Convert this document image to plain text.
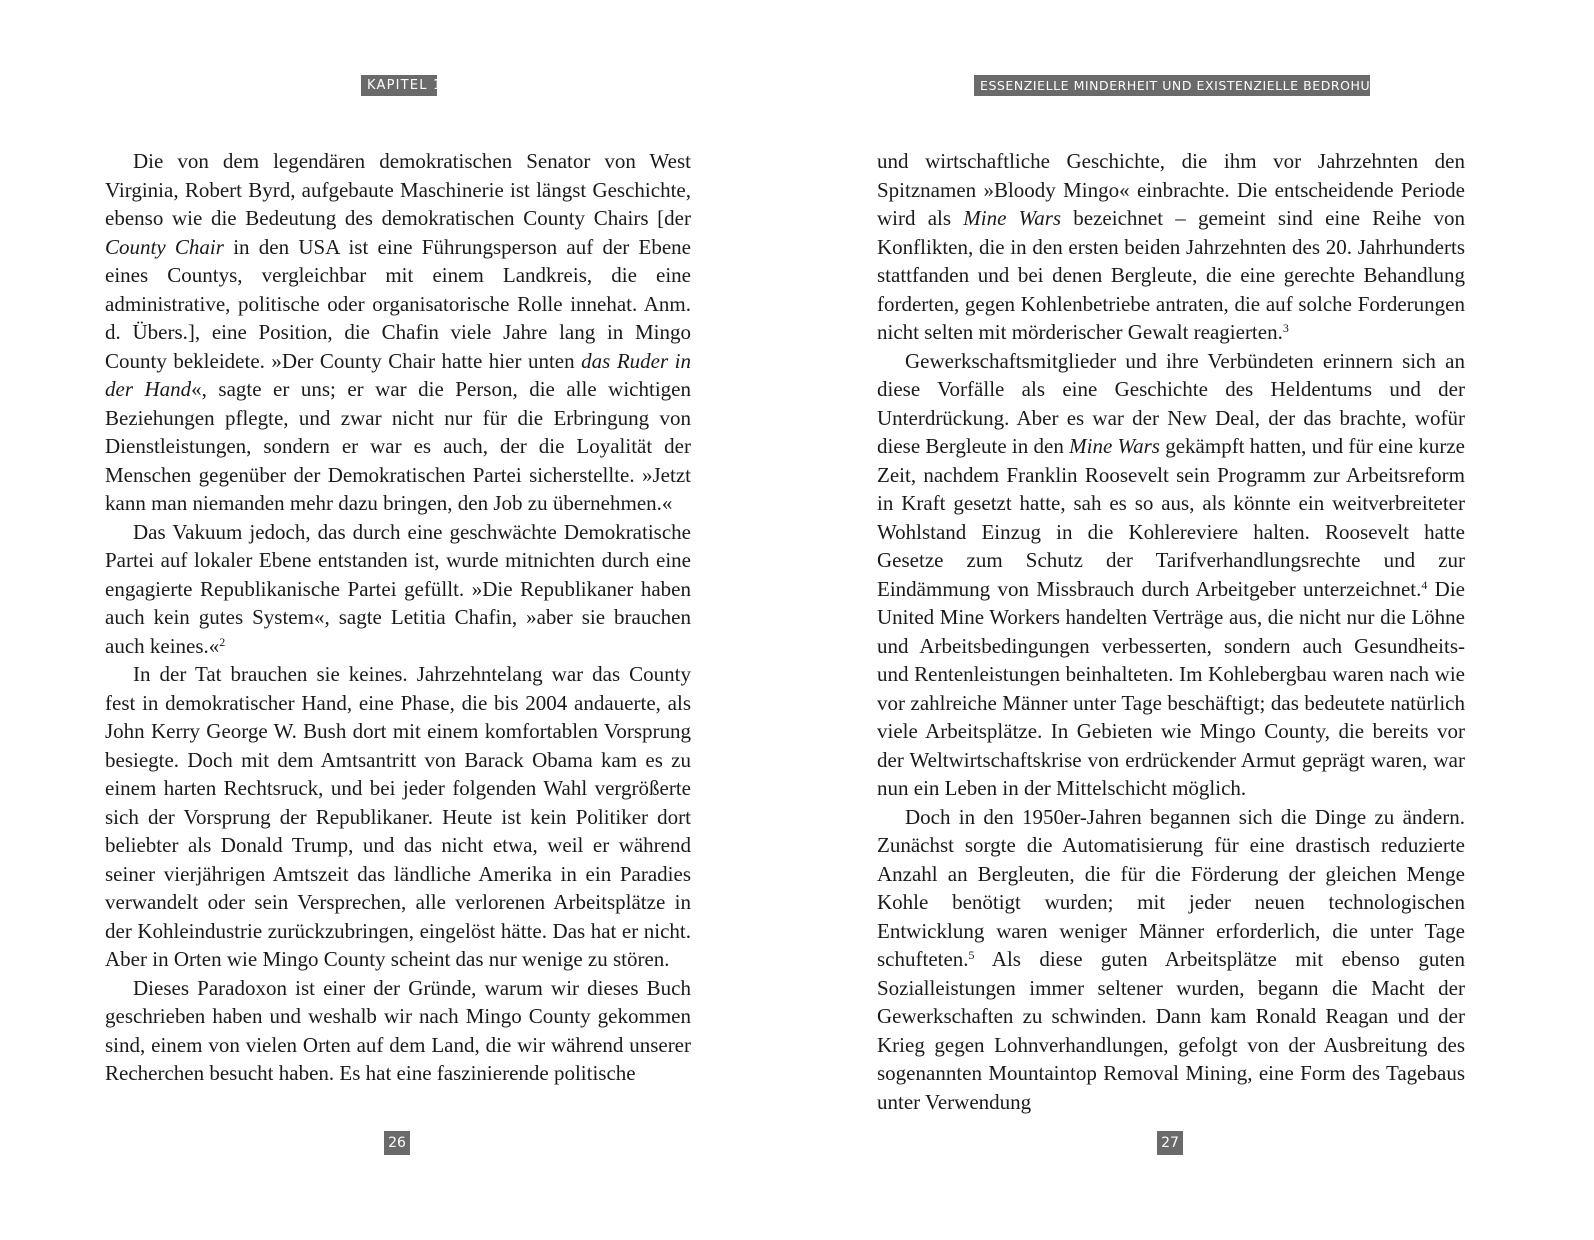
KAPITEL 1

Die von dem legendären demokratischen Senator von West Virginia, Robert Byrd, aufgebaute Maschinerie ist längst Geschichte, ebenso wie die Bedeutung des demokratischen County Chairs [der County Chair in den USA ist eine Führungsperson auf der Ebene eines Countys, vergleichbar mit einem Landkreis, die eine administrative, politische oder organisatorische Rolle innehat. Anm. d. Übers.], eine Position, die Chafin viele Jahre lang in Mingo County bekleidete. »Der County Chair hatte hier unten das Ruder in der Hand«, sagte er uns; er war die Person, die alle wichtigen Beziehungen pflegte, und zwar nicht nur für die Erbringung von Dienstleistungen, sondern er war es auch, der die Loyalität der Menschen gegenüber der Demokratischen Partei sicherstellte. »Jetzt kann man niemanden mehr dazu bringen, den Job zu übernehmen.«

Das Vakuum jedoch, das durch eine geschwächte Demokratische Partei auf lokaler Ebene entstanden ist, wurde mitnichten durch eine engagierte Republikanische Partei gefüllt. »Die Republikaner haben auch kein gutes System«, sagte Letitia Chafin, »aber sie brauchen auch keines.«$^2$

In der Tat brauchen sie keines. Jahrzehntelang war das County fest in demokratischer Hand, eine Phase, die bis 2004 andauerte, als John Kerry George W. Bush dort mit einem komfortablen Vorsprung besiegte. Doch mit dem Amtsantritt von Barack Obama kam es zu einem harten Rechtsruck, und bei jeder folgenden Wahl vergrößerte sich der Vorsprung der Republikaner. Heute ist kein Politiker dort beliebter als Donald Trump, und das nicht etwa, weil er während seiner vierjährigen Amtszeit das ländliche Amerika in ein Paradies verwandelt oder sein Versprechen, alle verlorenen Arbeitsplätze in der Kohleindustrie zurückzubringen, eingelöst hätte. Das hat er nicht. Aber in Orten wie Mingo County scheint das nur wenige zu stören.

Dieses Paradoxon ist einer der Gründe, warum wir dieses Buch geschrieben haben und weshalb wir nach Mingo County gekommen sind, einem von vielen Orten auf dem Land, die wir während unserer Recherchen besucht haben. Es hat eine faszinierende politische

26
ESSENZIELLE MINDERHEIT UND EXISTENZIELLE BEDROHUNG

und wirtschaftliche Geschichte, die ihm vor Jahrzehnten den Spitznamen »Bloody Mingo« einbrachte. Die entscheidende Periode wird als Mine Wars bezeichnet – gemeint sind eine Reihe von Konflikten, die in den ersten beiden Jahrzehnten des 20. Jahrhunderts stattfanden und bei denen Bergleute, die eine gerechte Behandlung forderten, gegen Kohlenbetriebe antraten, die auf solche Forderungen nicht selten mit mörderischer Gewalt reagierten.$^3$

Gewerkschaftsmitglieder und ihre Verbündeten erinnern sich an diese Vorfälle als eine Geschichte des Heldentums und der Unterdrückung. Aber es war der New Deal, der das brachte, wofür diese Bergleute in den Mine Wars gekämpft hatten, und für eine kurze Zeit, nachdem Franklin Roosevelt sein Programm zur Arbeitsreform in Kraft gesetzt hatte, sah es so aus, als könnte ein weitverbreiteter Wohlstand Einzug in die Kohlereviere halten. Roosevelt hatte Gesetze zum Schutz der Tarifverhandlungsrechte und zur Eindämmung von Missbrauch durch Arbeitgeber unterzeichnet.$^4$ Die United Mine Workers handelten Verträge aus, die nicht nur die Löhne und Arbeitsbedingungen verbesserten, sondern auch Gesundheits- und Rentenleistungen beinhalteten. Im Kohlebergbau waren nach wie vor zahlreiche Männer unter Tage beschäftigt; das bedeutete natürlich viele Arbeitsplätze. In Gebieten wie Mingo County, die bereits vor der Weltwirtschaftskrise von erdrückender Armut geprägt waren, war nun ein Leben in der Mittelschicht möglich.

Doch in den 1950er-Jahren begannen sich die Dinge zu ändern. Zunächst sorgte die Automatisierung für eine drastisch reduzierte Anzahl an Bergleuten, die für die Förderung der gleichen Menge Kohle benötigt wurden; mit jeder neuen technologischen Entwicklung waren weniger Männer erforderlich, die unter Tage schufteten.$^5$ Als diese guten Arbeitsplätze mit ebenso guten Sozialleistungen immer seltener wurden, begann die Macht der Gewerkschaften zu schwinden. Dann kam Ronald Reagan und der Krieg gegen Lohnverhandlungen, gefolgt von der Ausbreitung des sogenannten Mountaintop Removal Mining, eine Form des Tagebaus unter Verwendung

27
